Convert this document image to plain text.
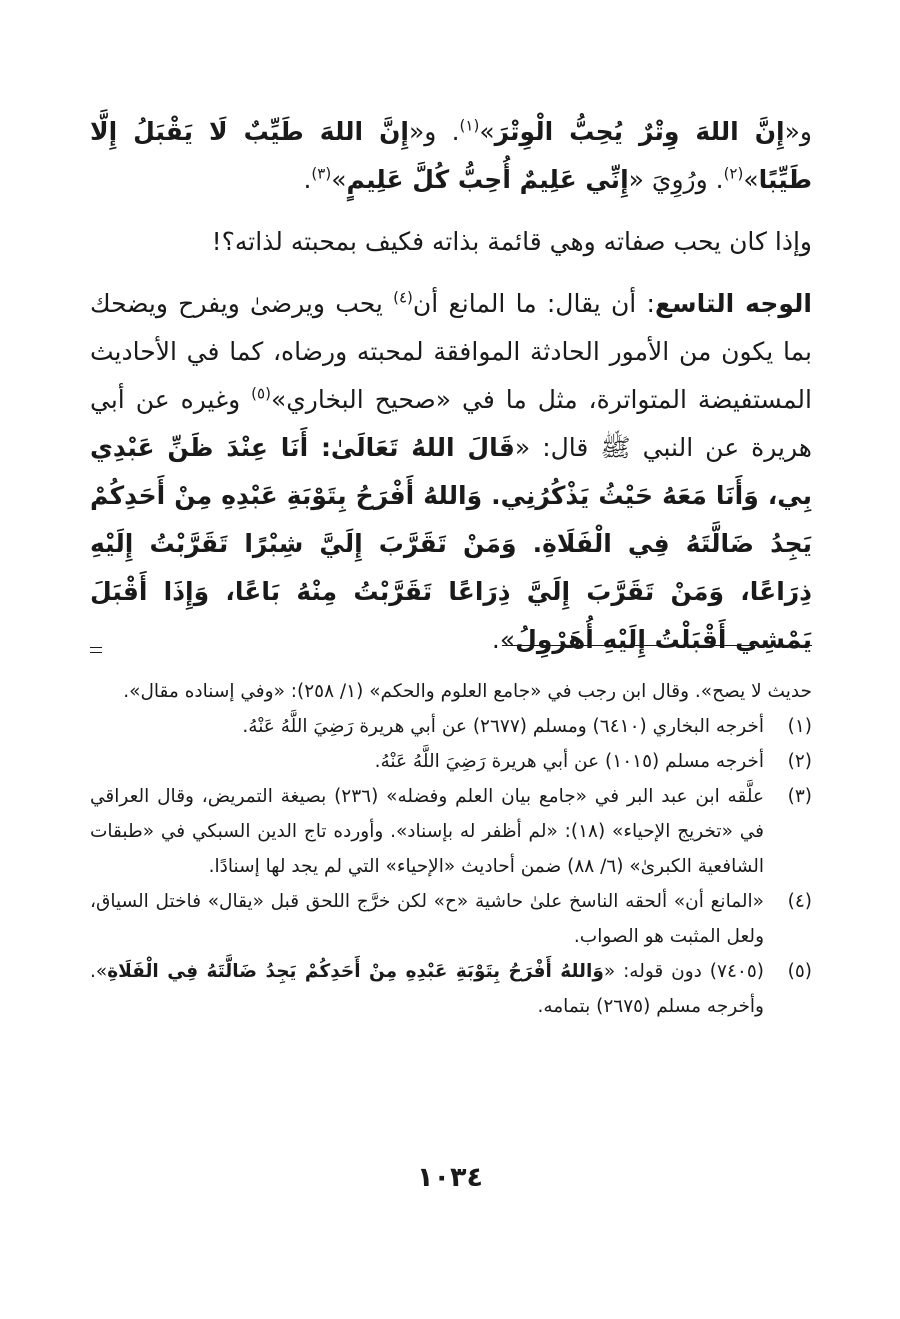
و«إِنَّ اللهَ وِتْرٌ يُحِبُّ الْوِتْرَ»$^{(١)}$. و«إِنَّ اللهَ طَيِّبٌ لَا يَقْبَلُ إِلَّا طَيِّبًا»$^{(٢)}$. ورُوِيَ «إِنِّي عَلِيمٌ أُحِبُّ كُلَّ عَلِيمٍ»$^{(٣)}$.

وإذا كان يحب صفاته وهي قائمة بذاته فكيف بمحبته لذاته؟!

الوجه التاسع: أن يقال: ما المانع أن$^{(٤)}$ يحب ويرضىٰ ويفرح ويضحك بما يكون من الأمور الحادثة الموافقة لمحبته ورضاه، كما في الأحاديث المستفيضة المتواترة، مثل ما في «صحيح البخاري»$^{(٥)}$ وغيره عن أبي هريرة عن النبي ﷺ قال: «قَالَ اللهُ تَعَالَىٰ: أَنَا عِنْدَ ظَنِّ عَبْدِي بِي، وَأَنَا مَعَهُ حَيْثُ يَذْكُرُنِي. وَاللهُ أَفْرَحُ بِتَوْبَةِ عَبْدِهِ مِنْ أَحَدِكُمْ يَجِدُ ضَالَّتَهُ فِي الْفَلَاةِ. وَمَنْ تَقَرَّبَ إِلَيَّ شِبْرًا تَقَرَّبْتُ إِلَيْهِ ذِرَاعًا، وَمَنْ تَقَرَّبَ إِلَيَّ ذِرَاعًا تَقَرَّبْتُ مِنْهُ بَاعًا، وَإِذَا أَقْبَلَ يَمْشِي أَقْبَلْتُ إِلَيْهِ أُهَرْوِلُ».

حديث لا يصح». وقال ابن رجب في «جامع العلوم والحكم» (١/ ٢٥٨): «وفي إسناده مقال».

(١)
أخرجه البخاري (٦٤١٠) ومسلم (٢٦٧٧) عن أبي هريرة رَضِيَ اللَّهُ عَنْهُ.

(٢)
أخرجه مسلم (١٠١٥) عن أبي هريرة رَضِيَ اللَّهُ عَنْهُ.

(٣)
علَّقه ابن عبد البر في «جامع بيان العلم وفضله» (٢٣٦) بصيغة التمريض، وقال العراقي في «تخريج الإحياء» (١٨): «لم أظفر له بإسناد». وأورده تاج الدين السبكي في «طبقات الشافعية الكبرىٰ» (٦/ ٨٨) ضمن أحاديث «الإحياء» التي لم يجد لها إسنادًا.

(٤)
«المانع أن» ألحقه الناسخ علىٰ حاشية «ح» لكن خرَّج اللحق قبل «يقال» فاختل السياق، ولعل المثبت هو الصواب.

(٥)
(٧٤٠٥) دون قوله: «وَاللهُ أَفْرَحُ بِتَوْبَةِ عَبْدِهِ مِنْ أَحَدِكُمْ يَجِدُ ضَالَّتَهُ فِي الْفَلَاةِ». وأخرجه مسلم (٢٦٧٥) بتمامه.

١٠٣٤
